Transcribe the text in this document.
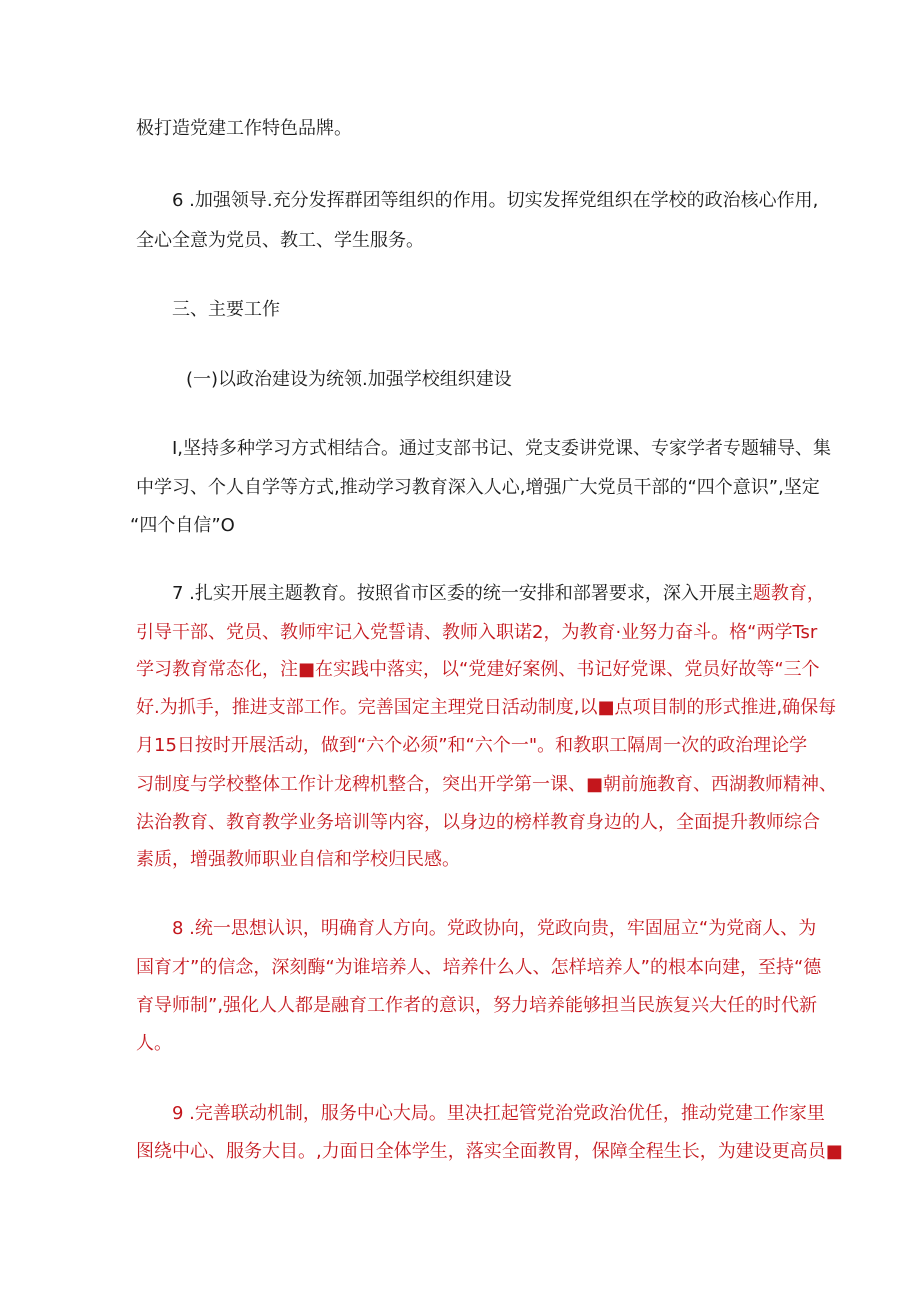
极打造党建工作特色品牌。
6 .加强领导.充分发挥群团等组织的作用。切实发挥党组织在学校的政治核心作用,
全心全意为党员、教工、学生服务。
三、主要工作
(一)以政治建设为统领.加强学校组织建设
I,坚持多种学习方式相结合。通过支部书记、党支委讲党课、专家学者专题辅导、集
中学习、个人自学等方式,推动学习教育深入人心,增强广大党员干部的“四个意识”,坚定
“四个自信”O
7 .扎实开展主题教育。按照省市区委的统一安排和部署要求，深入开展主题教育，
引导干部、党员、教师牢记入党誓请、教师入职诺2，为教育·业努力奋斗。格“两学Tsr
学习教育常态化，注■在实践中落实，以“党建好案例、书记好党课、党员好故等“三个
好.为抓手，推进支部工作。完善国定主理党日活动制度,以■点项目制的形式推进,确保每
月15日按时开展活动，做到“六个必须”和“六个一"。和教职工隔周一次的政治理论学
习制度与学校整体工作计龙稗机整合，突出开学第一课、■朝前施教育、西湖教师精神、
法治教育、教育教学业务培训等内容，以身边的榜样教育身边的人，全面提升教师综合
素质，增强教师职业自信和学校归民感。
8 .统一思想认识，明确育人方向。党政协向，党政向贵，牢固屈立“为党商人、为
国育才”的信念，深刻酶“为谁培养人、培养什么人、怎样培养人”的根本向建，至持“德
育导师制”,强化人人都是融育工作者的意识，努力培养能够担当民族复兴大任的时代新
人。
9 .完善联动机制，服务中心大局。里决扛起管党治党政治优任，推动党建工作家里
图绕中心、服务大目。,力面日全体学生，落实全面教胃，保障全程生长，为建设更高员■
